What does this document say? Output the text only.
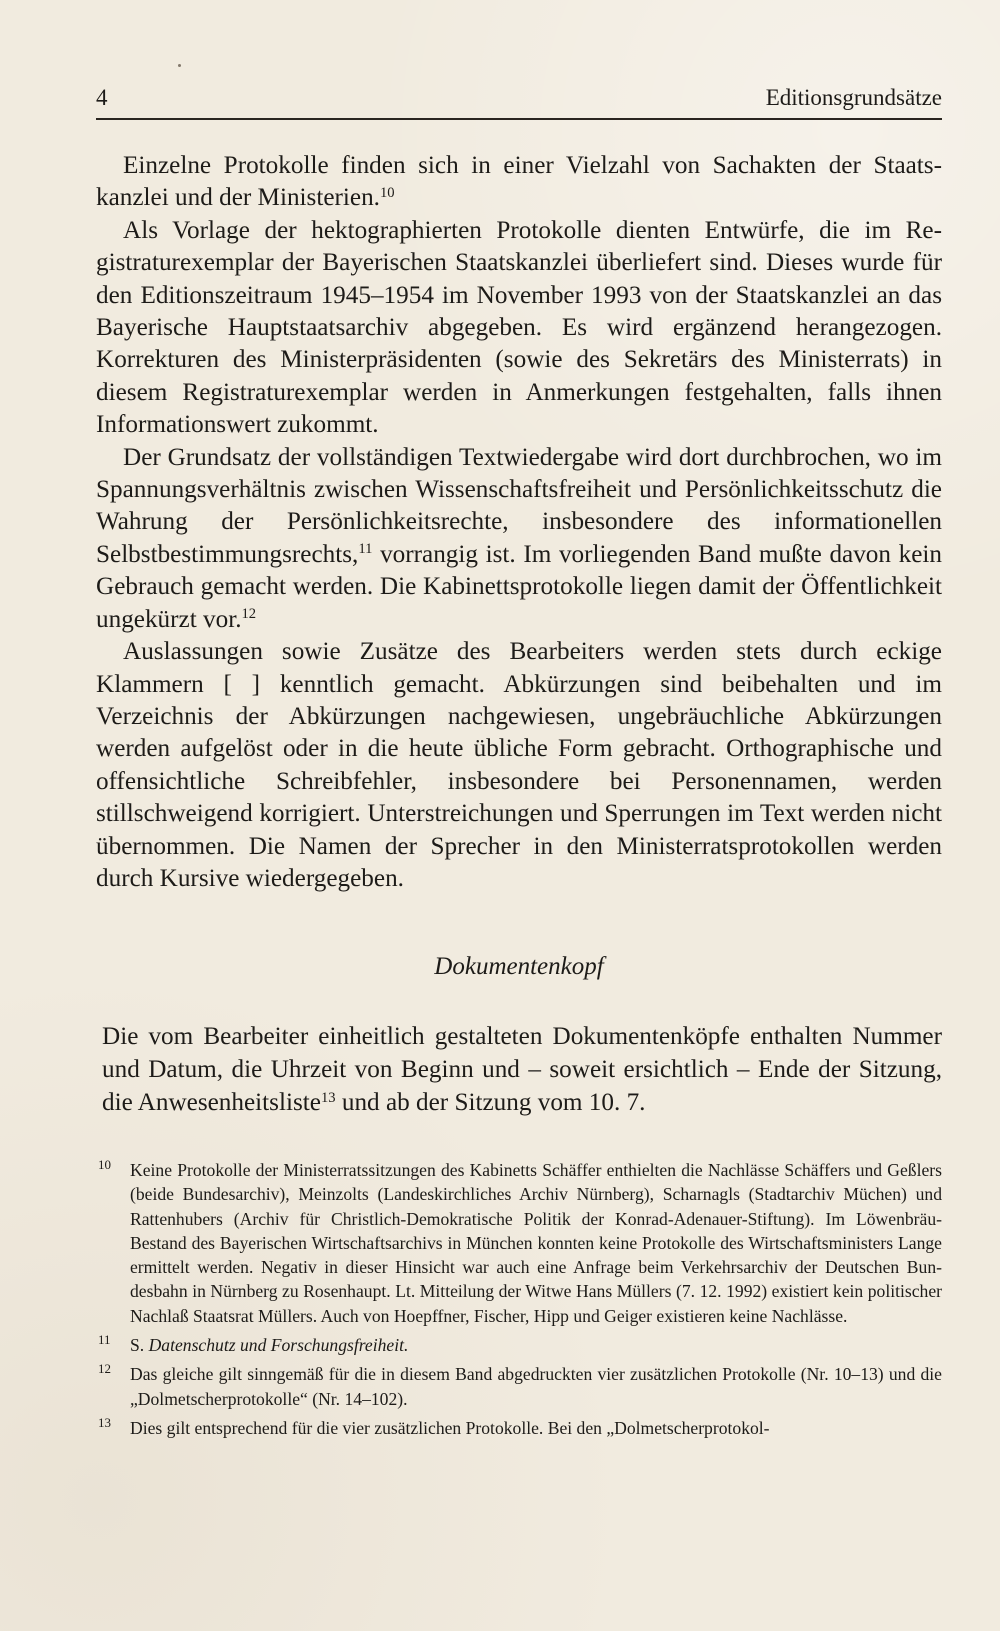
4	Editionsgrundsätze

Einzelne Protokolle finden sich in einer Vielzahl von Sachakten der Staatskanzlei und der Ministerien.$^{10}$

Als Vorlage der hektographierten Protokolle dienten Entwürfe, die im Registraturexemplar der Bayerischen Staatskanzlei überliefert sind. Dieses wurde für den Editionszeitraum 1945–1954 im November 1993 von der Staatskanzlei an das Bayerische Hauptstaatsarchiv abgegeben. Es wird ergänzend herangezogen. Korrekturen des Ministerpräsidenten (sowie des Sekretärs des Ministerrats) in diesem Registraturexemplar werden in Anmerkungen festgehalten, falls ihnen Informationswert zukommt.

Der Grundsatz der vollständigen Textwiedergabe wird dort durchbrochen, wo im Spannungsverhältnis zwischen Wissenschaftsfreiheit und Persönlichkeitsschutz die Wahrung der Persönlichkeitsrechte, insbesondere des informationellen Selbstbestimmungsrechts,$^{11}$ vorrangig ist. Im vorliegenden Band mußte davon kein Gebrauch gemacht werden. Die Kabinettsprotokolle liegen damit der Öffentlichkeit ungekürzt vor.$^{12}$

Auslassungen sowie Zusätze des Bearbeiters werden stets durch eckige Klammern [ ] kenntlich gemacht. Abkürzungen sind beibehalten und im Verzeichnis der Abkürzungen nachgewiesen, ungebräuchliche Abkürzungen werden aufgelöst oder in die heute übliche Form gebracht. Orthographische und offensichtliche Schreibfehler, insbesondere bei Personennamen, werden stillschweigend korrigiert. Unterstreichungen und Sperrungen im Text werden nicht übernommen. Die Namen der Sprecher in den Ministerratsprotokollen werden durch Kursive wiedergegeben.

Dokumentenkopf

Die vom Bearbeiter einheitlich gestalteten Dokumentenköpfe enthalten Nummer und Datum, die Uhrzeit von Beginn und – soweit ersichtlich – Ende der Sitzung, die Anwesenheitsliste$^{13}$ und ab der Sitzung vom 10. 7.

10 Keine Protokolle der Ministerratssitzungen des Kabinetts Schäffer enthielten die Nachlässe Schäffers und Geßlers (beide Bundesarchiv), Meinzolts (Landeskirchliches Archiv Nürnberg), Scharnagls (Stadtarchiv Müchen) und Rattenhubers (Archiv für Christlich-Demokratische Politik der Konrad-Adenauer-Stiftung). Im Löwenbräu-Bestand des Bayerischen Wirtschaftsarchivs in München konnten keine Protokolle des Wirtschaftsministers Lange ermittelt werden. Negativ in dieser Hinsicht war auch eine Anfrage beim Verkehrsarchiv der Deutschen Bundesbahn in Nürnberg zu Rosenhaupt. Lt. Mitteilung der Witwe Hans Müllers (7. 12. 1992) existiert kein politischer Nachlaß Staatsrat Müllers. Auch von Hoepffner, Fischer, Hipp und Geiger existieren keine Nachlässe.
11 S. Datenschutz und Forschungsfreiheit.
12 Das gleiche gilt sinngemäß für die in diesem Band abgedruckten vier zusätzlichen Protokolle (Nr. 10–13) und die „Dolmetscherprotokolle“ (Nr. 14–102).
13 Dies gilt entsprechend für die vier zusätzlichen Protokolle. Bei den „Dolmetscherprotokol-
